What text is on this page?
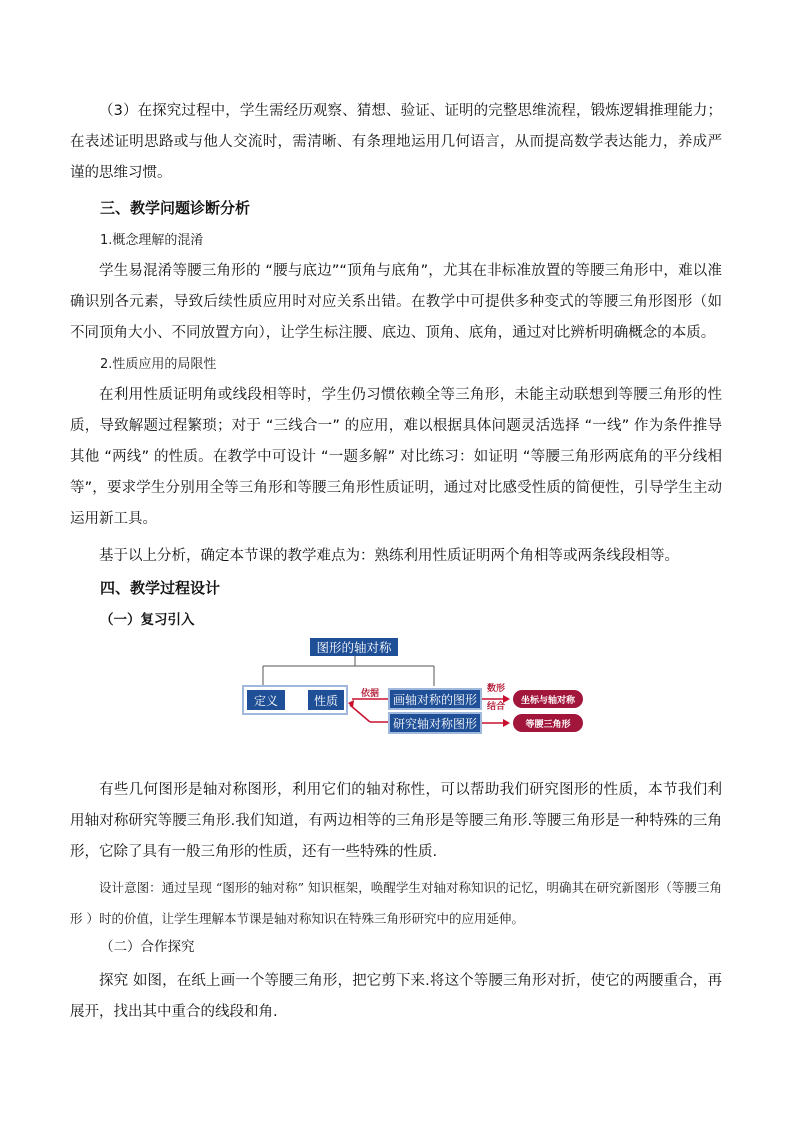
（3）在探究过程中，学生需经历观察、猜想、验证、证明的完整思维流程，锻炼逻辑推理能力；在表述证明思路或与他人交流时，需清晰、有条理地运用几何语言，从而提高数学表达能力，养成严谨的思维习惯。

三、教学问题诊断分析
1.概念理解的混淆

学生易混淆等腰三角形的 “腰与底边”“顶角与底角”，尤其在非标准放置的等腰三角形中，难以准确识别各元素，导致后续性质应用时对应关系出错。在教学中可提供多种变式的等腰三角形图形（如不同顶角大小、不同放置方向），让学生标注腰、底边、顶角、底角，通过对比辨析明确概念的本质。

2.性质应用的局限性

在利用性质证明角或线段相等时，学生仍习惯依赖全等三角形，未能主动联想到等腰三角形的性质，导致解题过程繁琐；对于 “三线合一” 的应用，难以根据具体问题灵活选择 “一线” 作为条件推导其他 “两线” 的性质。在教学中可设计 “一题多解” 对比练习：如证明 “等腰三角形两底角的平分线相等”，要求学生分别用全等三角形和等腰三角形性质证明，通过对比感受性质的简便性，引导学生主动运用新工具。

基于以上分析，确定本节课的教学难点为：熟练利用性质证明两个角相等或两条线段相等。

四、教学过程设计
（一）复习引入
图形的轴对称
定义	性质	依据	画轴对称的图形
研究轴对称图形
数形
结合
坐标与轴对称
等腰三角形

有些几何图形是轴对称图形，利用它们的轴对称性，可以帮助我们研究图形的性质，本节我们利用轴对称研究等腰三角形.我们知道，有两边相等的三角形是等腰三角形.等腰三角形是一种特殊的三角形，它除了具有一般三角形的性质，还有一些特殊的性质.

设计意图：通过呈现 “图形的轴对称” 知识框架，唤醒学生对轴对称知识的记忆，明确其在研究新图形（等腰三角形 ）时的价值，让学生理解本节课是轴对称知识在特殊三角形研究中的应用延伸。

（二）合作探究

探究 如图，在纸上画一个等腰三角形，把它剪下来.将这个等腰三角形对折，使它的两腰重合，再展开，找出其中重合的线段和角.
